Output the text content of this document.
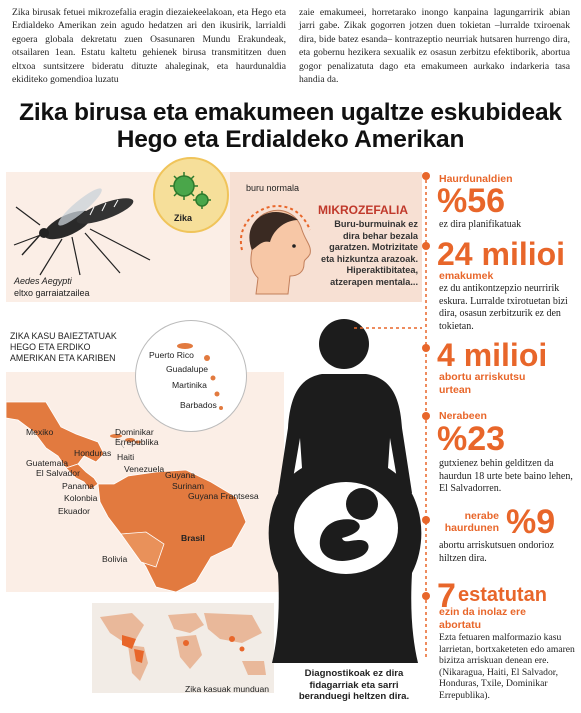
Zika birusak fetuei mikrozefalia eragin diezaiekeelakoan, eta Hego eta Erdialdeko Amerikan zein agudo hedatzen ari den ikusirik, larrialdi egoera globala dekretatu zuen Osasunaren Mundu Erakundeak, otsailaren 1ean. Estatu kaltetu gehienek birusa transmititzen duen eltxoa suntsitzere bideratu dituzte ahaleginak, eta haurdunaldia ekiditeko gomendioa luzatu
zaie emakumeei, horretarako inongo kanpaina lagungarririk abian jarri gabe. Zikak gogorren jotzen duen tokietan –lurralde txiroenak dira, bide batez esanda– kontrazeptio neurriak hutsaren hurrengo dira, eta gobernu hezikera sexualik ez osasun zerbitzu efektiborik, abortua gogor penalizatuta dago eta emakumeen aurkako indarkeria tasa handia da.
Zika birusa eta emakumeen ugaltze eskubideak
Hego eta Erdialdeko Amerikan
Aedes Aegypti
eltxo garraiatzailea
Zika
buru normala
MIKROZEFALIA
Buru-burmuinak ez dira behar bezala garatzen. Motrizitate eta hizkuntza arazoak. Hiperaktibitatea, atzerapen mentala...
ZIKA KASU BAIEZTATUAK
HEGO ETA ERDIKO
AMERIKAN ETA KARIBEN	Puerto Rico
Guadalupe
Martinika
Barbados
Mexiko
Guatemala
El Salvador
Honduras
Panama
Kolonbia
Ekuador
Dominikar
Errepublika
Haiti
Venezuela
Guyana
Surinam
Guyana Frantsesa
Brasil
Bolivia
Zika kasuak munduan
Diagnostikoak ez dira fidagarriak eta sarri beranduegi heltzen dira.
Haurdunaldien
%56
ez dira planifikatuak
24 milioi
emakumek
ez du antikontzepzio neurririk eskura. Lurralde txirotuetan bizi dira, osasun zerbitzurik ez den tokietan.
4 milioi
abortu arriskutsu urtean
Nerabeen
%23
gutxienez behin gelditzen da haurdun 18 urte bete baino lehen, El Salvadorren.
nerabe
haurdunen %9
abortu arriskutsuen ondorioz hiltzen dira.
7 estatutan
ezin da inolaz ere abortatu
Ezta fetuaren malformazio kasu larrietan, bortxaketeten edo amaren bizitza arriskuan denean ere. (Nikaragua, Haiti, El Salvador, Honduras, Txile, Dominikar Errepublika).
